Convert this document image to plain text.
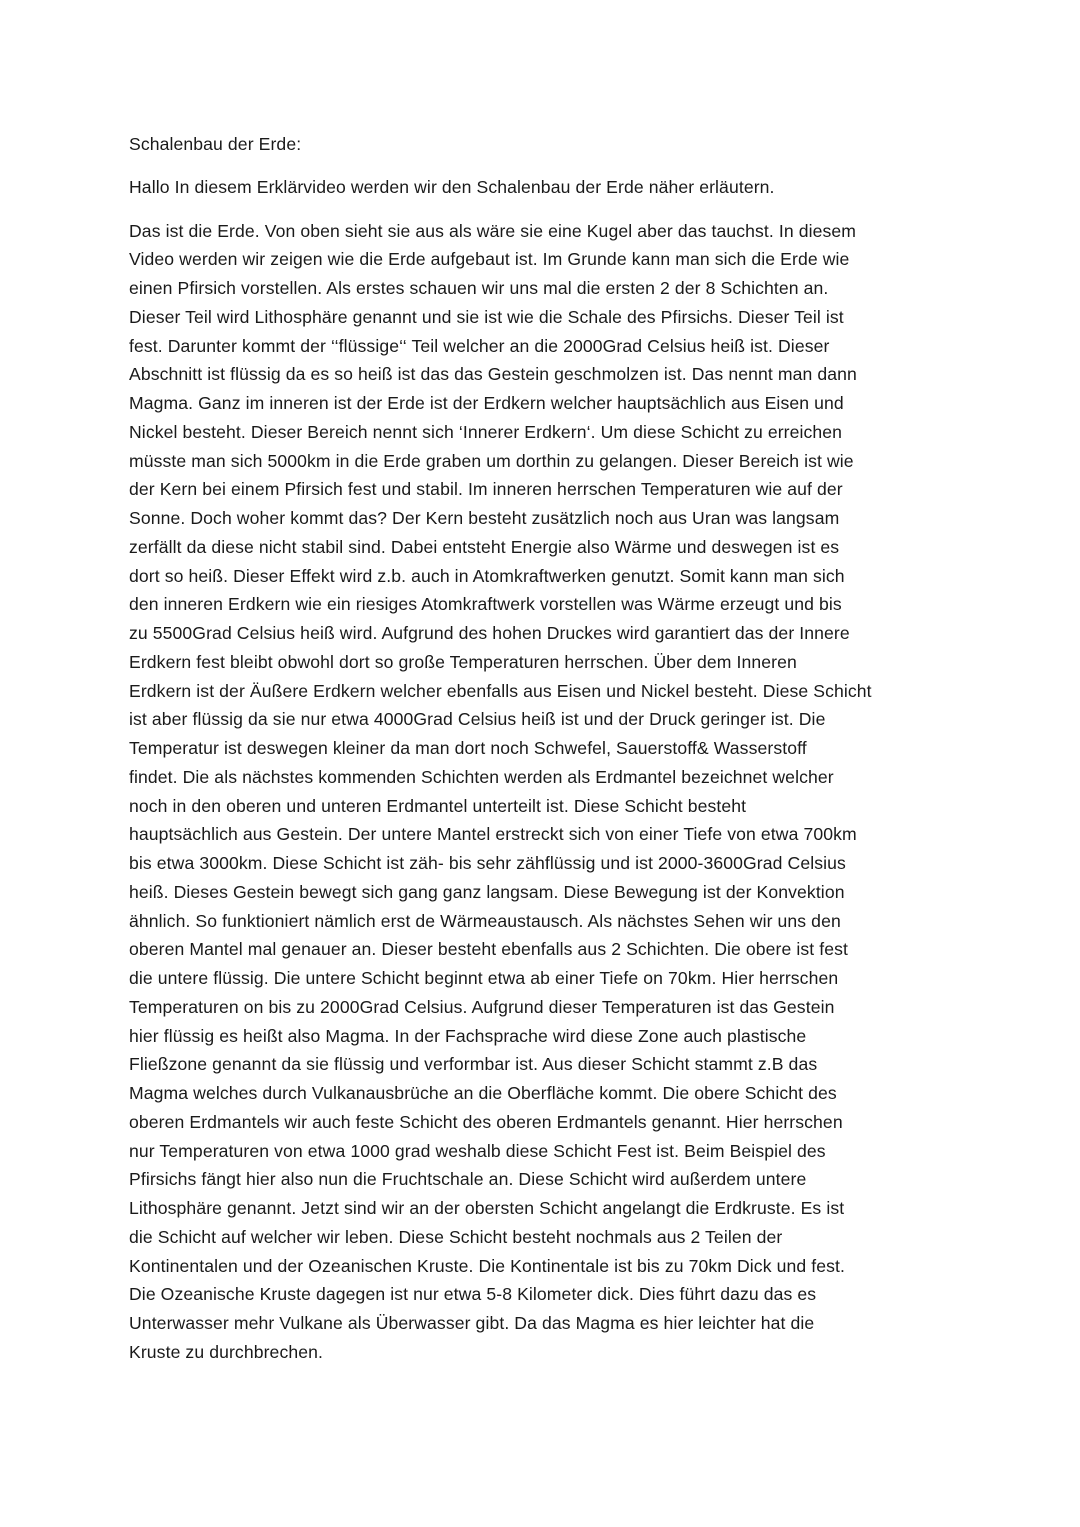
Schalenbau der Erde:

Hallo In diesem Erklärvideo werden wir den Schalenbau der Erde näher erläutern.

Das ist die Erde. Von oben sieht sie aus als wäre sie eine Kugel aber das tauchst. In diesem
Video werden wir zeigen wie die Erde aufgebaut ist. Im Grunde kann man sich die Erde wie
einen Pfirsich vorstellen. Als erstes schauen wir uns mal die ersten 2 der 8 Schichten an.
Dieser Teil wird Lithosphäre genannt und sie ist wie die Schale des Pfirsichs. Dieser Teil ist
fest. Darunter kommt der ‘‘flüssige‘‘ Teil welcher an die 2000Grad Celsius heiß ist. Dieser
Abschnitt ist flüssig da es so heiß ist das das Gestein geschmolzen ist. Das nennt man dann
Magma. Ganz im inneren ist der Erde ist der Erdkern welcher hauptsächlich aus Eisen und
Nickel besteht. Dieser Bereich nennt sich ‘Innerer Erdkern‘. Um diese Schicht zu erreichen
müsste man sich 5000km in die Erde graben um dorthin zu gelangen. Dieser Bereich ist wie
der Kern bei einem Pfirsich fest und stabil. Im inneren herrschen Temperaturen wie auf der
Sonne. Doch woher kommt das? Der Kern besteht zusätzlich noch aus Uran was langsam
zerfällt da diese nicht stabil sind. Dabei entsteht Energie also Wärme und deswegen ist es
dort so heiß. Dieser Effekt wird z.b. auch in Atomkraftwerken genutzt. Somit kann man sich
den inneren Erdkern wie ein riesiges Atomkraftwerk vorstellen was Wärme erzeugt und bis
zu 5500Grad Celsius heiß wird. Aufgrund des hohen Druckes wird garantiert das der Innere
Erdkern fest bleibt obwohl dort so große Temperaturen herrschen. Über dem Inneren
Erdkern ist der Äußere Erdkern welcher ebenfalls aus Eisen und Nickel besteht. Diese Schicht
ist aber flüssig da sie nur etwa 4000Grad Celsius heiß ist und der Druck geringer ist. Die
Temperatur ist deswegen kleiner da man dort noch Schwefel, Sauerstoff& Wasserstoff
findet. Die als nächstes kommenden Schichten werden als Erdmantel bezeichnet welcher
noch in den oberen und unteren Erdmantel unterteilt ist. Diese Schicht besteht
hauptsächlich aus Gestein. Der untere Mantel erstreckt sich von einer Tiefe von etwa 700km
bis etwa 3000km. Diese Schicht ist zäh- bis sehr zähflüssig und ist 2000-3600Grad Celsius
heiß. Dieses Gestein bewegt sich gang ganz langsam. Diese Bewegung ist der Konvektion
ähnlich. So funktioniert nämlich erst de Wärmeaustausch. Als nächstes Sehen wir uns den
oberen Mantel mal genauer an. Dieser besteht ebenfalls aus 2 Schichten. Die obere ist fest
die untere flüssig. Die untere Schicht beginnt etwa ab einer Tiefe on 70km. Hier herrschen
Temperaturen on bis zu 2000Grad Celsius. Aufgrund dieser Temperaturen ist das Gestein
hier flüssig es heißt also Magma. In der Fachsprache wird diese Zone auch plastische
Fließzone genannt da sie flüssig und verformbar ist. Aus dieser Schicht stammt z.B das
Magma welches durch Vulkanausbrüche an die Oberfläche kommt. Die obere Schicht des
oberen Erdmantels wir auch feste Schicht des oberen Erdmantels genannt. Hier herrschen
nur Temperaturen von etwa 1000 grad weshalb diese Schicht Fest ist. Beim Beispiel des
Pfirsichs fängt hier also nun die Fruchtschale an. Diese Schicht wird außerdem untere
Lithosphäre genannt. Jetzt sind wir an der obersten Schicht angelangt die Erdkruste. Es ist
die Schicht auf welcher wir leben. Diese Schicht besteht nochmals aus 2 Teilen der
Kontinentalen und der Ozeanischen Kruste. Die Kontinentale ist bis zu 70km Dick und fest.
Die Ozeanische Kruste dagegen ist nur etwa 5-8 Kilometer dick. Dies führt dazu das es
Unterwasser mehr Vulkane als Überwasser gibt. Da das Magma es hier leichter hat die
Kruste zu durchbrechen.
